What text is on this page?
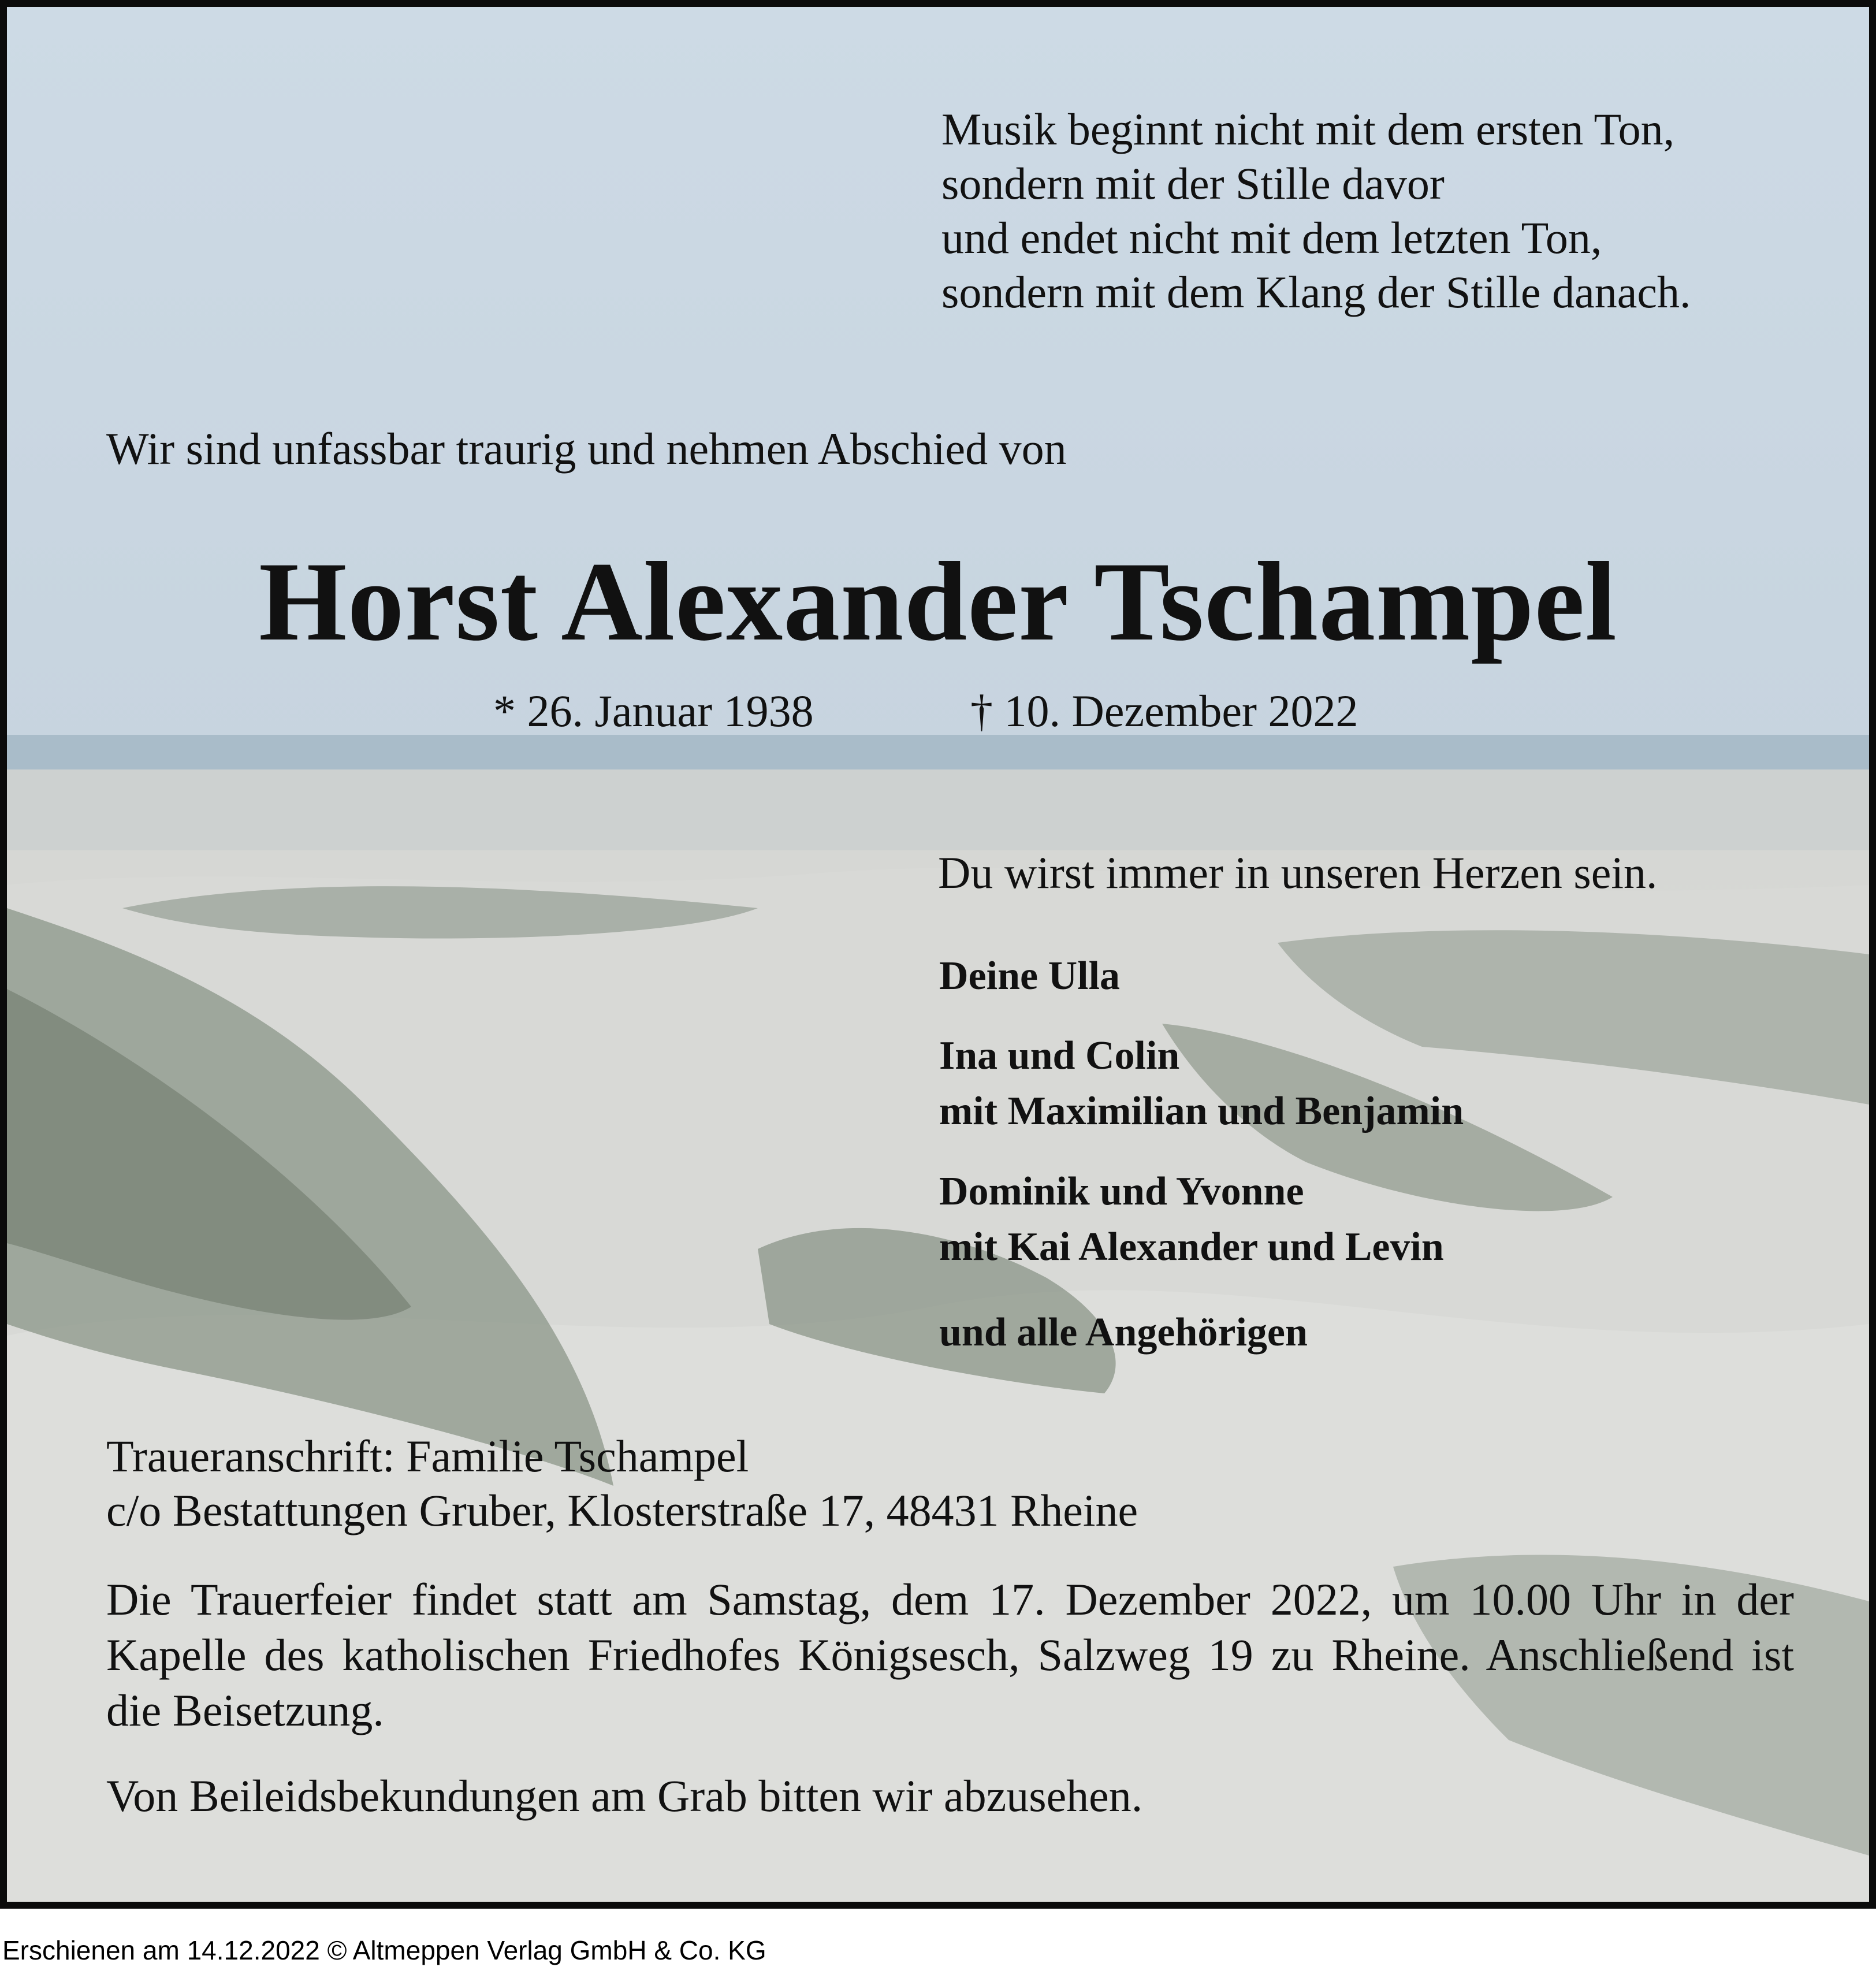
Musik beginnt nicht mit dem ersten Ton,
sondern mit der Stille davor
und endet nicht mit dem letzten Ton,
sondern mit dem Klang der Stille danach.
Wir sind unfassbar traurig und nehmen Abschied von
Horst Alexander Tschampel
* 26. Januar 1938	† 10. Dezember 2022
Du wirst immer in unseren Herzen sein.
Deine Ulla
Ina und Colin
mit Maximilian und Benjamin
Dominik und Yvonne
mit Kai Alexander und Levin
und alle Angehörigen
Traueranschrift: Familie Tschampel
c/o Bestattungen Gruber, Klosterstraße 17, 48431 Rheine

Die Trauerfeier findet statt am Samstag, dem 17. Dezember 2022, um 10.00 Uhr in der Kapelle des katholischen Friedhofes Königsesch, Salzweg 19 zu Rheine. Anschließend ist die Beisetzung.

Von Beileidsbekundungen am Grab bitten wir abzusehen.
Erschienen am 14.12.2022 © Altmeppen Verlag GmbH & Co. KG
